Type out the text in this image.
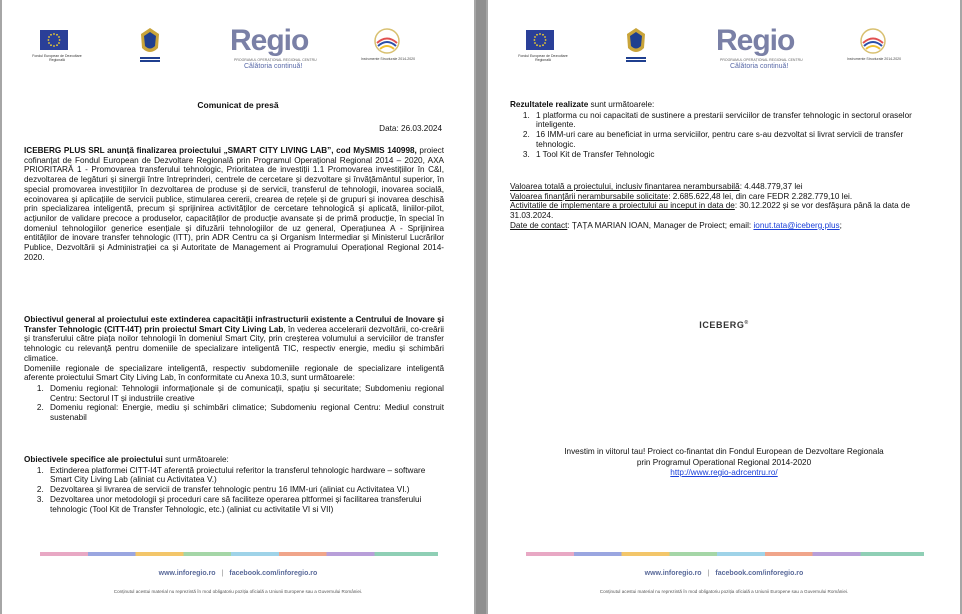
Fondul European de Dezvoltare Regională
Regio
PROGRAMUL OPERAȚIONAL REGIONAL CENTRU
Călătoria continuă!
Instrumente Structurale 2014-2020
Comunicat de presă
Data: 26.03.2024
ICEBERG PLUS SRL anunță finalizarea proiectului „SMART CITY LIVING LAB”, cod MySMIS 140998, proiect cofinanțat de Fondul European de Dezvoltare Regională prin Programul Operațional Regional 2014 – 2020, AXA PRIORITARĂ 1 - Promovarea transferului tehnologic, Prioritatea de investiții 1.1 Promovarea investițiilor în C&I, dezvoltarea de legături și sinergii între întreprinderi, centrele de cercetare și dezvoltare și învățământul superior, în special promovarea investițiilor în dezvoltarea de produse și de servicii, transferul de tehnologii, inovarea socială, ecoinovarea și aplicațiile de servicii publice, stimularea cererii, crearea de rețele și de grupuri și inovarea deschisă prin specializarea inteligentă, precum și sprijinirea activităților de cercetare tehnologică și aplicată, liniilor-pilot, acțiunilor de validare precoce a produselor, capacităților de producție avansate și de primă producție, în special în domeniul tehnologiilor generice esențiale și difuzării tehnologiilor de uz general, Operațiunea A - Sprijinirea entităților de inovare transfer tehnologic (ITT), prin ADR Centru ca și Organism Intermediar și Ministerul Lucrărilor Publice, Dezvoltării și Administrației ca și Autoritate de Management ai Programului Operațional Regional 2014- 2020.
Obiectivul general al proiectului este extinderea capacității infrastructurii existente a Centrului de Inovare și Transfer Tehnologic (CITT-I4T) prin proiectul Smart City Living Lab, în vederea accelerarii dezvoltării, co-creării și transferului către piața noilor tehnologii în domeniul Smart City, prin creșterea volumului a serviciilor de transfer tehnologic cu relevanță pentru domeniile de specializare inteligentă TIC, respectiv energie, mediu și schimbări climatice.
Domeniile regionale de specializare inteligentă, respectiv subdomeniile regionale de specializare inteligentă aferente proiectului Smart City Living Lab, în conformitate cu Anexa 10.3, sunt următoarele:
1. Domeniu regional: Tehnologii informaționale și de comunicații, spațiu și securitate; Subdomeniu regional Centru: Sectorul IT și industriile creative
2. Domeniu regional: Energie, mediu și schimbări climatice; Subdomeniu regional Centru: Mediul construit sustenabil
Obiectivele specifice ale proiectului sunt următoarele:
1. Extinderea platformei CITT-I4T aferentă proiectului referitor la transferul tehnologic hardware – software Smart City Living Lab (aliniat cu Activitatea V.)
2. Dezvoltarea și livrarea de servicii de transfer tehnologic pentru 16 IMM-uri (aliniat cu Activitatea VI.)
3. Dezvoltarea unor metodologii și proceduri care să faciliteze operarea pltformei și facilitarea transferului tehnologic (Tool Kit de Transfer Tehnologic, etc.) (aliniat cu activitatile VI si VII)
www.inforegio.ro | facebook.com/inforegio.ro
Conținutul acestui material nu reprezintă în mod obligatoriu poziția oficială a Uniunii Europene sau a Guvernului României.
Fondul European de Dezvoltare Regională
Regio
PROGRAMUL OPERAȚIONAL REGIONAL CENTRU
Călătoria continuă!
Instrumente Structurale 2014-2020
Rezultatele realizate sunt următoarele:
1. 1 platforma cu noi capacitati de sustinere a prestarii serviciilor de transfer tehnologic in sectorul oraselor inteligente.
2. 16 IMM-uri care au beneficiat in urma serviciilor, pentru care s-au dezvoltat si livrat servicii de transfer tehnologic.
3. 1 Tool Kit de Transfer Tehnologic
Valoarea totală a proiectului, inclusiv finantarea nerambursabilă: 4.448.779,37 lei
Valoarea finanțării nerambursabile solicitate: 2.685.622,48 lei, din care FEDR 2.282.779,10 lei.
Activitatile de implementare a proiectului au inceput in data de: 30.12.2022 și se vor desfășura până la data de 31.03.2024.
Date de contact: ȚAȚA MARIAN IOAN, Manager de Proiect; email: ionut.tata@iceberg.plus;
ICEBERG®
Investim in viitorul tau! Proiect co-finantat din Fondul European de Dezvoltare Regionala
prin Programul Operational Regional 2014-2020
http://www.regio-adrcentru.ro/
www.inforegio.ro | facebook.com/inforegio.ro
Conținutul acestui material nu reprezintă în mod obligatoriu poziția oficială a Uniunii Europene sau a Guvernului României.
